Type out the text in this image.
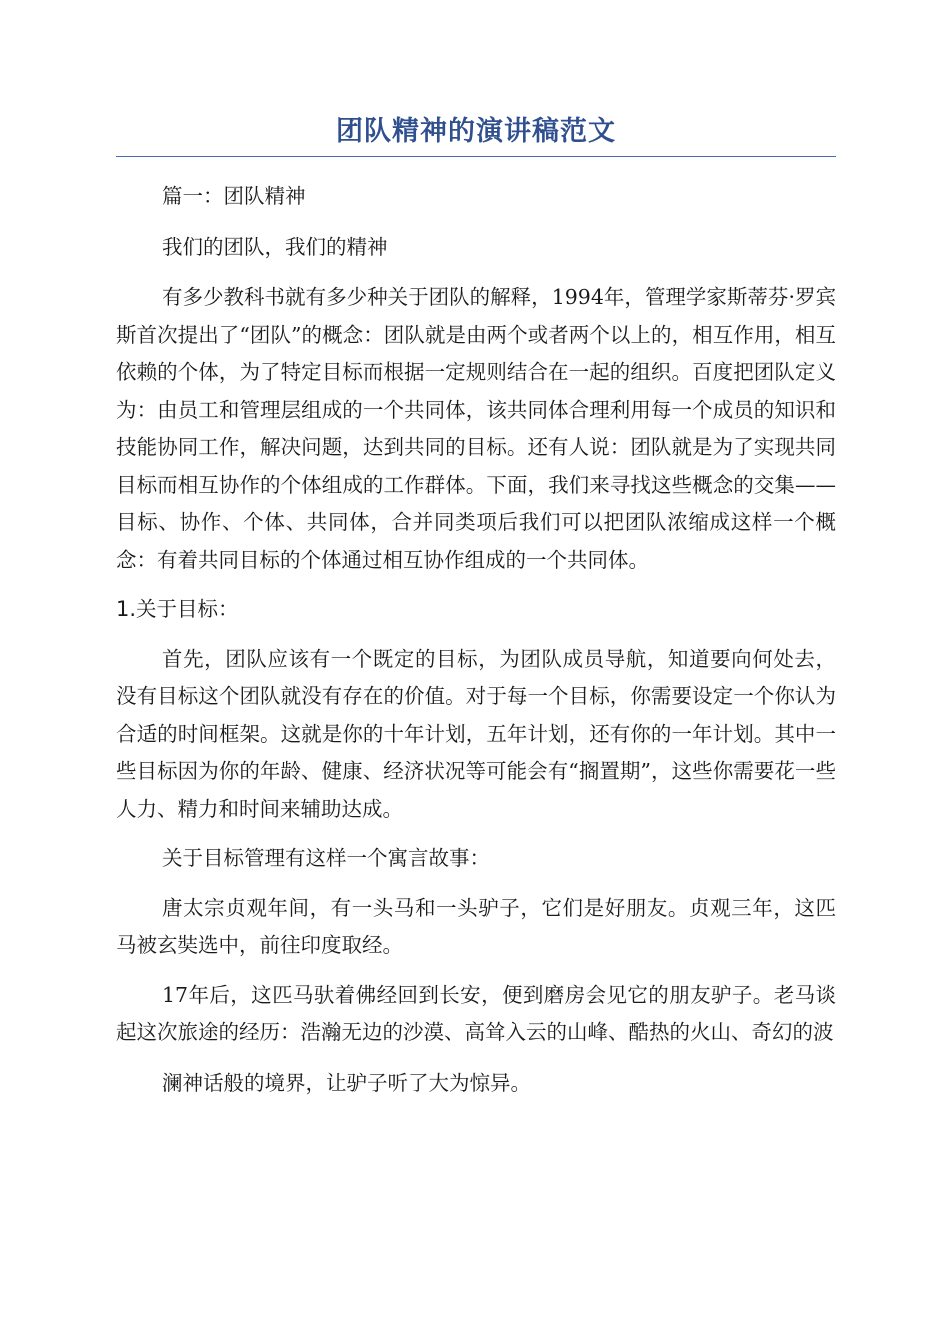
团队精神的演讲稿范文

篇一：团队精神

我们的团队，我们的精神

有多少教科书就有多少种关于团队的解释，1994年，管理学家斯蒂芬·罗宾斯首次提出了“团队”的概念：团队就是由两个或者两个以上的，相互作用，相互依赖的个体，为了特定目标而根据一定规则结合在一起的组织。百度把团队定义为：由员工和管理层组成的一个共同体，该共同体合理利用每一个成员的知识和技能协同工作，解决问题，达到共同的目标。还有人说：团队就是为了实现共同目标而相互协作的个体组成的工作群体。下面，我们来寻找这些概念的交集——目标、协作、个体、共同体，合并同类项后我们可以把团队浓缩成这样一个概念：有着共同目标的个体通过相互协作组成的一个共同体。

1.关于目标：

首先，团队应该有一个既定的目标，为团队成员导航，知道要向何处去，没有目标这个团队就没有存在的价值。对于每一个目标，你需要设定一个你认为合适的时间框架。这就是你的十年计划，五年计划，还有你的一年计划。其中一些目标因为你的年龄、健康、经济状况等可能会有“搁置期”，这些你需要花一些人力、精力和时间来辅助达成。

关于目标管理有这样一个寓言故事：

唐太宗贞观年间，有一头马和一头驴子，它们是好朋友。贞观三年，这匹马被玄奘选中，前往印度取经。

17年后，这匹马驮着佛经回到长安，便到磨房会见它的朋友驴子。老马谈起这次旅途的经历：浩瀚无边的沙漠、高耸入云的山峰、酷热的火山、奇幻的波

澜神话般的境界，让驴子听了大为惊异。
